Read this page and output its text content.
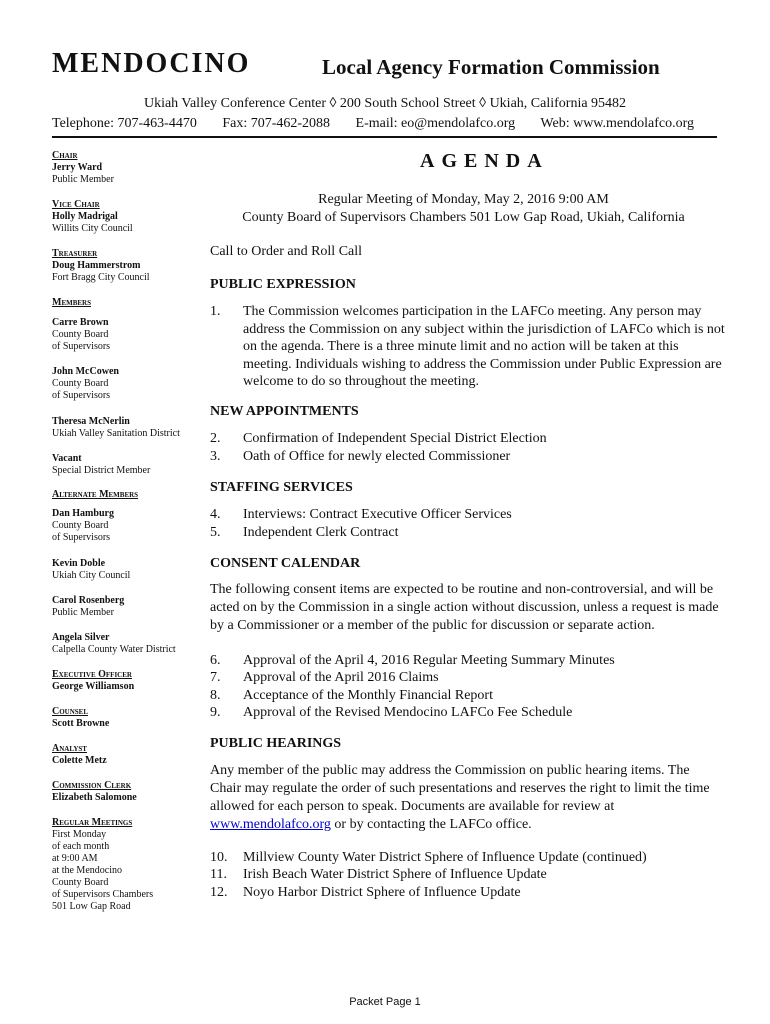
MENDOCINO	Local Agency Formation Commission
Ukiah Valley Conference Center ◊ 200 South School Street ◊ Ukiah, California 95482
Telephone: 707-463-4470 Fax: 707-462-2088 E-mail: eo@mendolafco.org Web: www.mendolafco.org
Chair
Jerry Ward
Public Member
Vice Chair
Holly Madrigal
Willits City Council
Treasurer
Doug Hammerstrom
Fort Bragg City Council
Members
Carre Brown
County Board
of Supervisors
John McCowen
County Board
of Supervisors
Theresa McNerlin
Ukiah Valley Sanitation District
Vacant
Special District Member
Alternate Members
Dan Hamburg
County Board
of Supervisors
Kevin Doble
Ukiah City Council
Carol Rosenberg
Public Member
Angela Silver
Calpella County Water District
Executive Officer
George Williamson
Counsel
Scott Browne
Analyst
Colette Metz
Commission Clerk
Elizabeth Salomone
Regular Meetings
First Monday
of each month
at 9:00 AM
at the Mendocino
County Board
of Supervisors Chambers
501 Low Gap Road
AGENDA
Regular Meeting of Monday, May 2, 2016 9:00 AM
County Board of Supervisors Chambers 501 Low Gap Road, Ukiah, California
Call to Order and Roll Call
PUBLIC EXPRESSION
1. The Commission welcomes participation in the LAFCo meeting. Any person may address the Commission on any subject within the jurisdiction of LAFCo which is not on the agenda. There is a three minute limit and no action will be taken at this meeting. Individuals wishing to address the Commission under Public Expression are welcome to do so throughout the meeting.
NEW APPOINTMENTS
2. Confirmation of Independent Special District Election
3. Oath of Office for newly elected Commissioner
STAFFING SERVICES
4. Interviews: Contract Executive Officer Services
5. Independent Clerk Contract
CONSENT CALENDAR
The following consent items are expected to be routine and non-controversial, and will be acted on by the Commission in a single action without discussion, unless a request is made by a Commissioner or a member of the public for discussion or separate action.
6. Approval of the April 4, 2016 Regular Meeting Summary Minutes
7. Approval of the April 2016 Claims
8. Acceptance of the Monthly Financial Report
9. Approval of the Revised Mendocino LAFCo Fee Schedule
PUBLIC HEARINGS
Any member of the public may address the Commission on public hearing items. The Chair may regulate the order of such presentations and reserves the right to limit the time allowed for each person to speak. Documents are available for review at www.mendolafco.org or by contacting the LAFCo office.
10. Millview County Water District Sphere of Influence Update (continued)
11. Irish Beach Water District Sphere of Influence Update
12. Noyo Harbor District Sphere of Influence Update
Packet Page 1
